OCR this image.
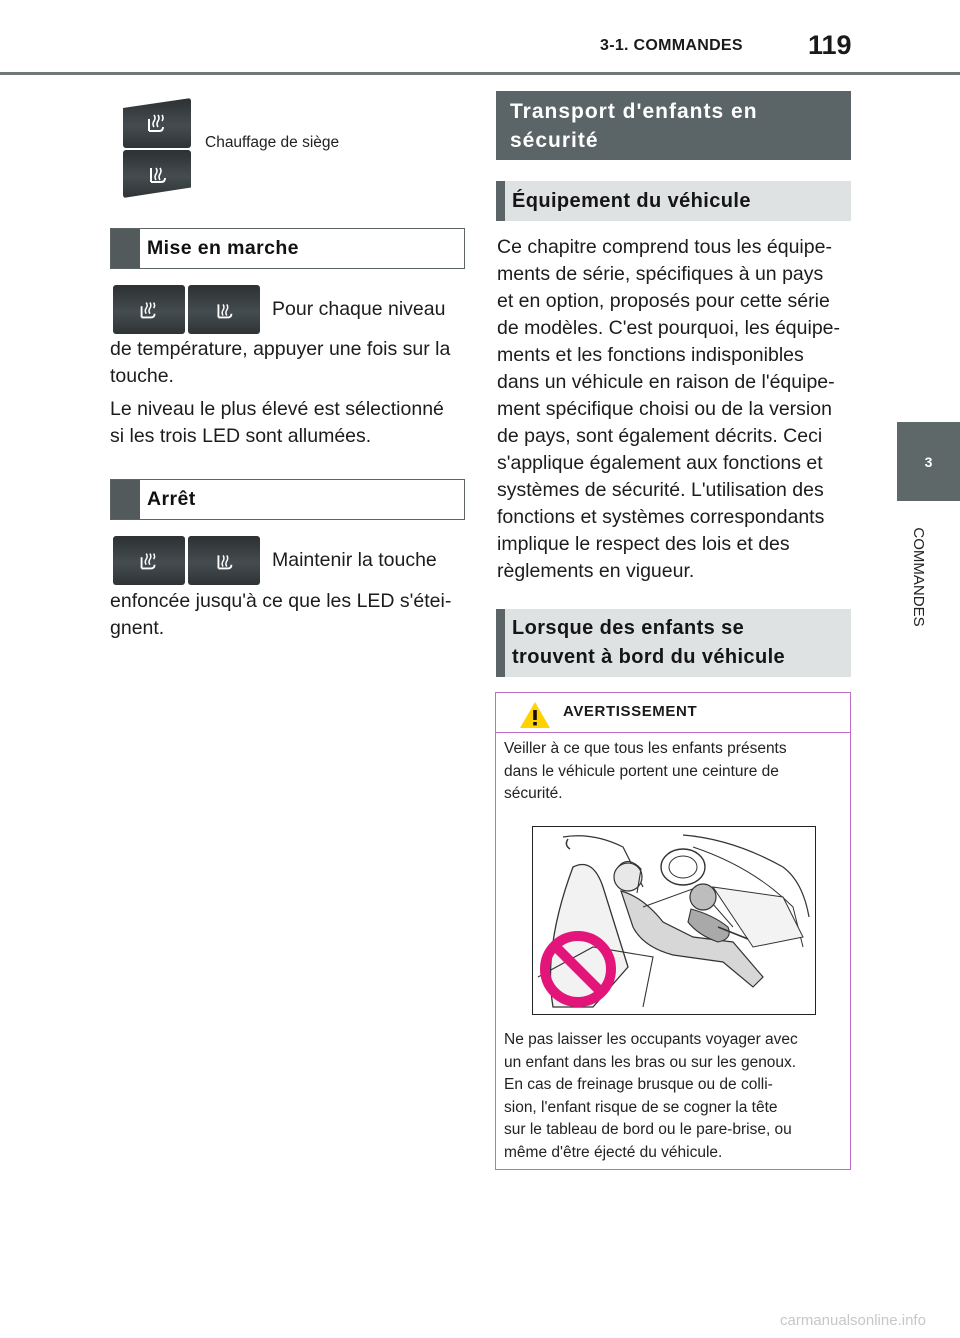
3-1. COMMANDES 119
3
COMMANDES
Chauffage de siège
Mise en marche
Pour chaque niveau
de température, appuyer une fois sur la
touche.
Le niveau le plus élevé est sélectionné
si les trois LED sont allumées.
Arrêt
Maintenir la touche
enfoncée jusqu'à ce que les LED s'étei-
gnent.
Transport d'enfants en
sécurité
Équipement du véhicule
Ce chapitre comprend tous les équipe-
ments de série, spécifiques à un pays
et en option, proposés pour cette série
de modèles. C'est pourquoi, les équipe-
ments et les fonctions indisponibles
dans un véhicule en raison de l'équipe-
ment spécifique choisi ou de la version
de pays, sont également décrits. Ceci
s'applique également aux fonctions et
systèmes de sécurité. L'utilisation des
fonctions et systèmes correspondants
implique le respect des lois et des
règlements en vigueur.
Lorsque des enfants se
trouvent à bord du véhicule
AVERTISSEMENT
Veiller à ce que tous les enfants présents
dans le véhicule portent une ceinture de
sécurité.
Ne pas laisser les occupants voyager avec
un enfant dans les bras ou sur les genoux.
En cas de freinage brusque ou de colli-
sion, l'enfant risque de se cogner la tête
sur le tableau de bord ou le pare-brise, ou
même d'être éjecté du véhicule.
carmanualsonline.info
